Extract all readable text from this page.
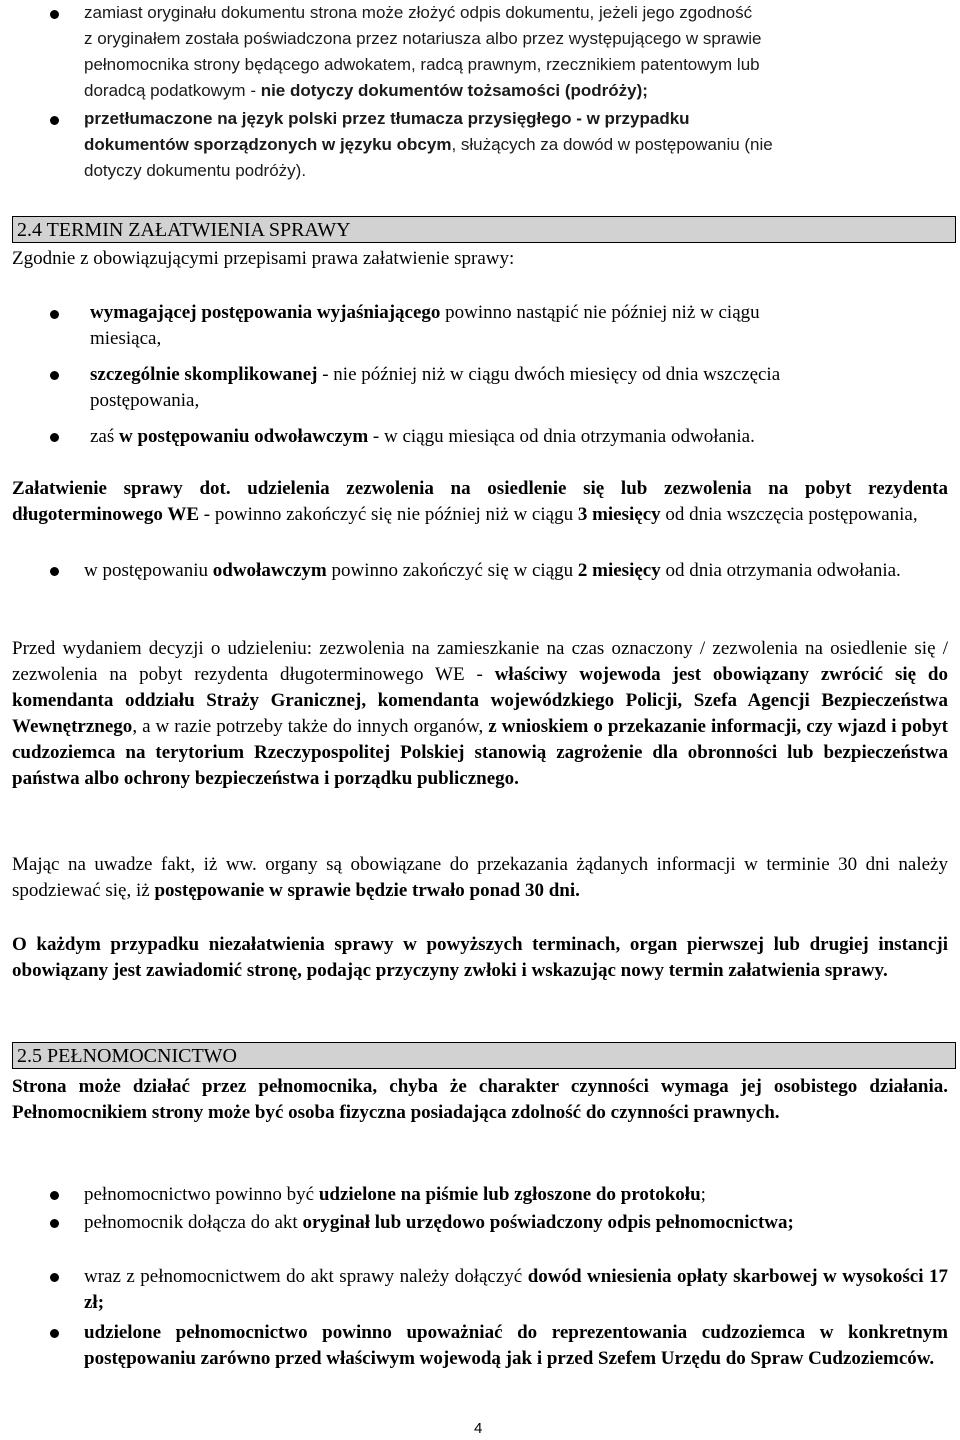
zamiast oryginału dokumentu strona może złożyć odpis dokumentu, jeżeli jego zgodność
z oryginałem została poświadczona przez notariusza albo przez występującego w sprawie
pełnomocnika strony będącego adwokatem, radcą prawnym, rzecznikiem patentowym lub
doradcą podatkowym - nie dotyczy dokumentów tożsamości (podróży);
przetłumaczone na język polski przez tłumacza przysięgłego - w przypadku
dokumentów sporządzonych w języku obcym, służących za dowód w postępowaniu (nie
dotyczy dokumentu podróży).
2.4 TERMIN ZAŁATWIENIA SPRAWY
Zgodnie z obowiązującymi przepisami prawa załatwienie sprawy:
wymagającej postępowania wyjaśniającego powinno nastąpić nie później niż w ciągu
miesiąca,
szczególnie skomplikowanej - nie później niż w ciągu dwóch miesięcy od dnia wszczęcia
postępowania,
zaś w postępowaniu odwoławczym - w ciągu miesiąca od dnia otrzymania odwołania.
Załatwienie sprawy dot. udzielenia zezwolenia na osiedlenie się lub zezwolenia na pobyt rezydenta długoterminowego WE - powinno zakończyć się nie później niż w ciągu 3 miesięcy od dnia wszczęcia postępowania,
w postępowaniu odwoławczym powinno zakończyć się w ciągu 2 miesięcy od dnia otrzymania odwołania.
Przed wydaniem decyzji o udzieleniu: zezwolenia na zamieszkanie na czas oznaczony / zezwolenia na osiedlenie się / zezwolenia na pobyt rezydenta długoterminowego WE - właściwy wojewoda jest obowiązany zwrócić się do komendanta oddziału Straży Granicznej, komendanta wojewódzkiego Policji, Szefa Agencji Bezpieczeństwa Wewnętrznego, a w razie potrzeby także do innych organów, z wnioskiem o przekazanie informacji, czy wjazd i pobyt cudzoziemca na terytorium Rzeczypospolitej Polskiej stanowią zagrożenie dla obronności lub bezpieczeństwa państwa albo ochrony bezpieczeństwa i porządku publicznego.
Mając na uwadze fakt, iż ww. organy są obowiązane do przekazania żądanych informacji w terminie 30 dni należy spodziewać się, iż postępowanie w sprawie będzie trwało ponad 30 dni.
O każdym przypadku niezałatwienia sprawy w powyższych terminach, organ pierwszej lub drugiej instancji obowiązany jest zawiadomić stronę, podając przyczyny zwłoki i wskazując nowy termin załatwienia sprawy.
2.5 PEŁNOMOCNICTWO
Strona może działać przez pełnomocnika, chyba że charakter czynności wymaga jej osobistego działania. Pełnomocnikiem strony może być osoba fizyczna posiadająca zdolność do czynności prawnych.
pełnomocnictwo powinno być udzielone na piśmie lub zgłoszone do protokołu;
pełnomocnik dołącza do akt oryginał lub urzędowo poświadczony odpis pełnomocnictwa;
wraz z pełnomocnictwem do akt sprawy należy dołączyć dowód wniesienia opłaty skarbowej w wysokości 17 zł;
udzielone pełnomocnictwo powinno upoważniać do reprezentowania cudzoziemca w konkretnym postępowaniu zarówno przed właściwym wojewodą jak i przed Szefem Urzędu do Spraw Cudzoziemców.
4
